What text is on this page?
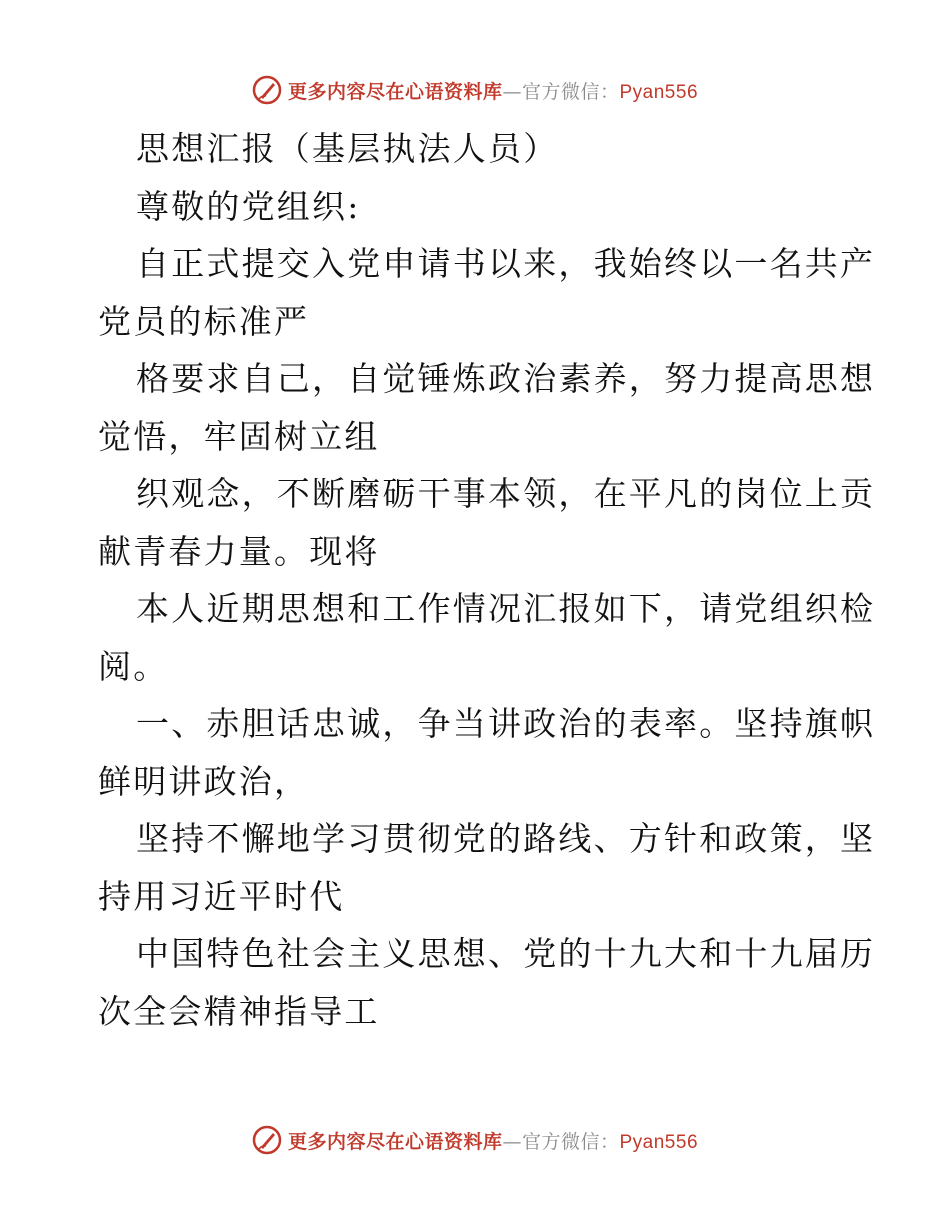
更多内容尽在心语资料库—官方微信：Pyan556
思想汇报（基层执法人员）
尊敬的党组织:
自正式提交入党申请书以来，我始终以一名共产
党员的标准严
格要求自己，自觉锤炼政治素养，努力提高思想
觉悟，牢固树立组
织观念，不断磨砺干事本领，在平凡的岗位上贡
献青春力量。现将
本人近期思想和工作情况汇报如下，请党组织检
阅。
一、赤胆话忠诚，争当讲政治的表率。坚持旗帜
鲜明讲政治，
坚持不懈地学习贯彻党的路线、方针和政策，坚
持用习近平时代
中国特色社会主义思想、党的十九大和十九届历
次全会精神指导工
更多内容尽在心语资料库—官方微信：Pyan556
